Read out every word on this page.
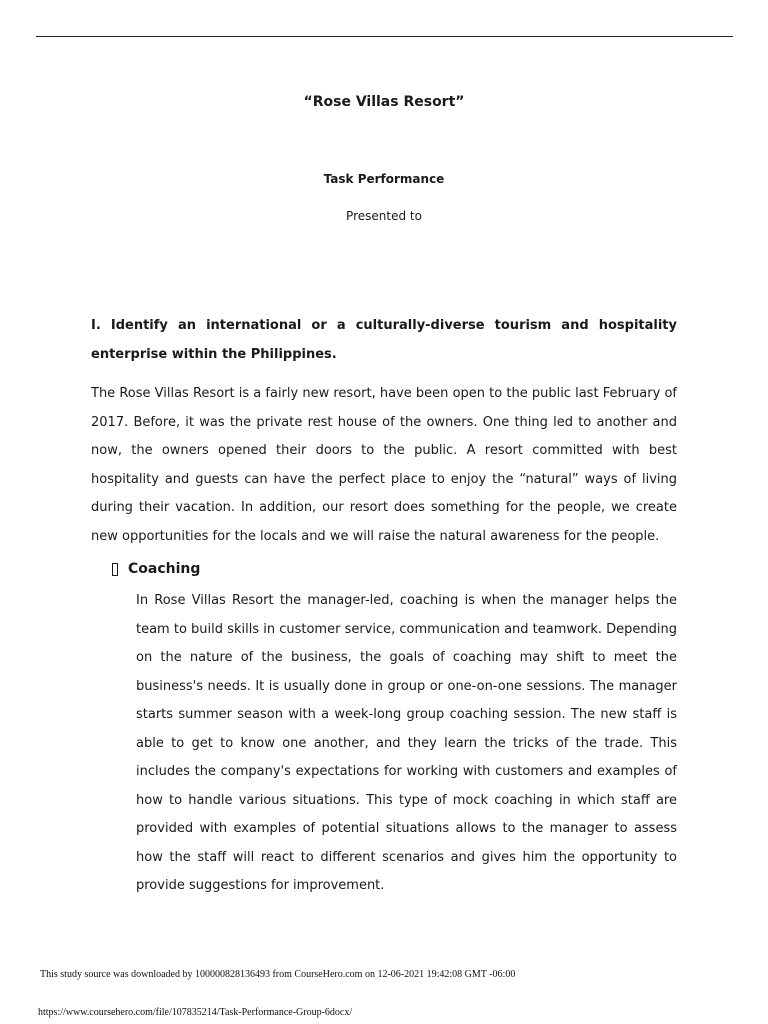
“Rose Villas Resort”
Task Performance
Presented to
I. Identify an international or a culturally-diverse tourism and hospitality enterprise within the Philippines.

The Rose Villas Resort is a fairly new resort, have been open to the public last February of 2017. Before, it was the private rest house of the owners. One thing led to another and now, the owners opened their doors to the public. A resort committed with best hospitality and guests can have the perfect place to enjoy the “natural” ways of living during their vacation. In addition, our resort does something for the people, we create new opportunities for the locals and we will raise the natural awareness for the people.

Coaching

In Rose Villas Resort the manager-led, coaching is when the manager helps the team to build skills in customer service, communication and teamwork. Depending on the nature of the business, the goals of coaching may shift to meet the business's needs. It is usually done in group or one-on-one sessions. The manager starts summer season with a week-long group coaching session. The new staff is able to get to know one another, and they learn the tricks of the trade. This includes the company's expectations for working with customers and examples of how to handle various situations. This type of mock coaching in which staff are provided with examples of potential situations allows to the manager to assess how the staff will react to different scenarios and gives him the opportunity to provide suggestions for improvement.

This study source was downloaded by 100000828136493 from CourseHero.com on 12-06-2021 19:42:08 GMT -06:00
https://www.coursehero.com/file/107835214/Task-Performance-Group-6docx/
